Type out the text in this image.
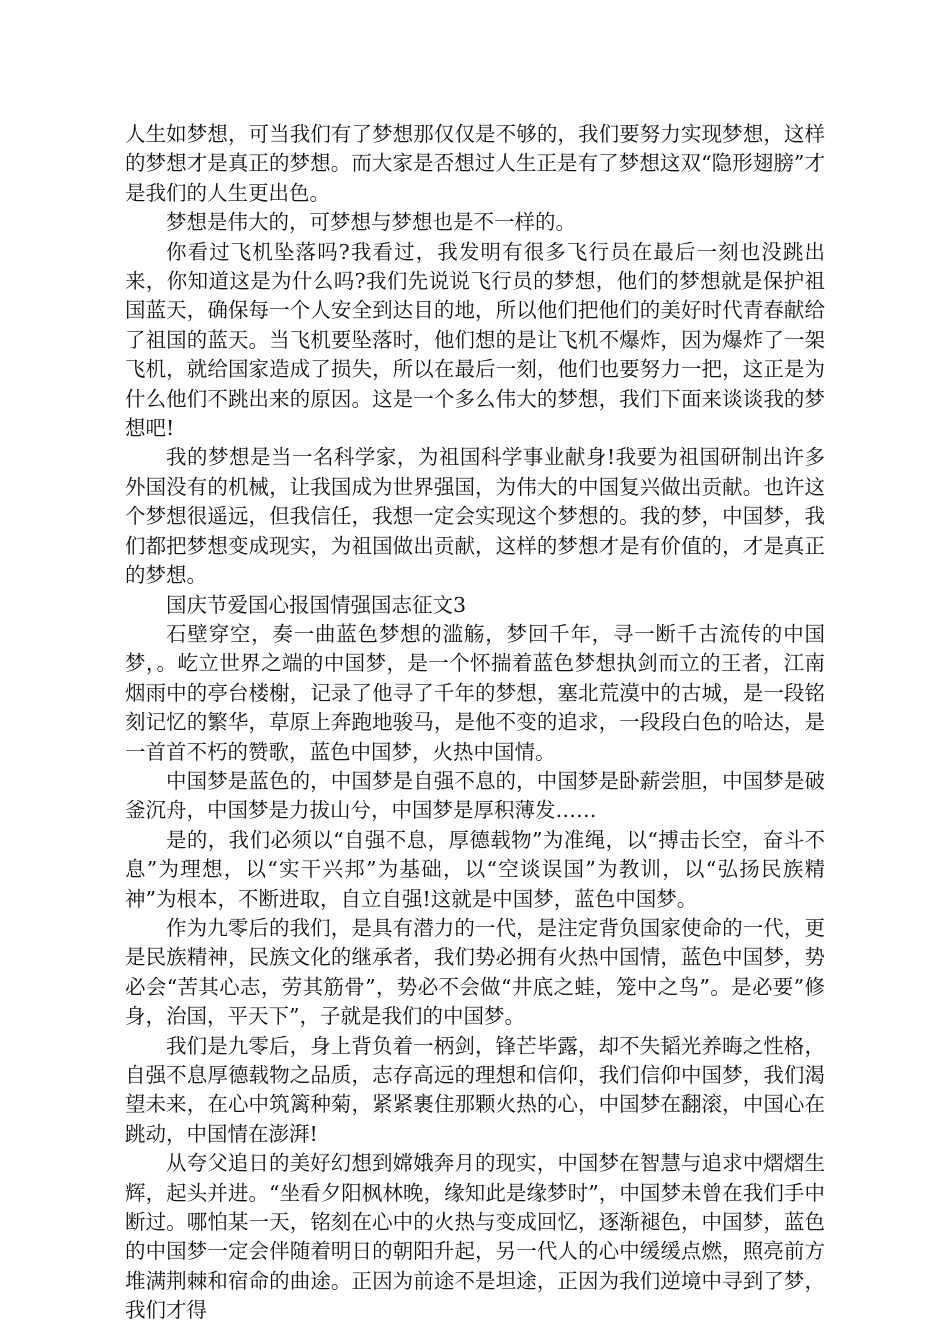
人生如梦想，可当我们有了梦想那仅仅是不够的，我们要努力实现梦想，这样的梦想才是真正的梦想。而大家是否想过人生正是有了梦想这双“隐形翅膀”才是我们的人生更出色。

梦想是伟大的，可梦想与梦想也是不一样的。

你看过飞机坠落吗?我看过，我发明有很多飞行员在最后一刻也没跳出来，你知道这是为什么吗?我们先说说飞行员的梦想，他们的梦想就是保护祖国蓝天，确保每一个人安全到达目的地，所以他们把他们的美好时代青春献给了祖国的蓝天。当飞机要坠落时，他们想的是让飞机不爆炸，因为爆炸了一架飞机，就给国家造成了损失，所以在最后一刻，他们也要努力一把，这正是为什么他们不跳出来的原因。这是一个多么伟大的梦想，我们下面来谈谈我的梦想吧!

我的梦想是当一名科学家，为祖国科学事业献身!我要为祖国研制出许多外国没有的机械，让我国成为世界强国，为伟大的中国复兴做出贡献。也许这个梦想很遥远，但我信任，我想一定会实现这个梦想的。我的梦，中国梦，我们都把梦想变成现实，为祖国做出贡献，这样的梦想才是有价值的，才是真正的梦想。

国庆节爱国心报国情强国志征文3

石壁穿空，奏一曲蓝色梦想的滥觞，梦回千年，寻一断千古流传的中国梦，。屹立世界之端的中国梦，是一个怀揣着蓝色梦想执剑而立的王者，江南烟雨中的亭台楼榭，记录了他寻了千年的梦想，塞北荒漠中的古城，是一段铭刻记忆的繁华，草原上奔跑地骏马，是他不变的追求，一段段白色的哈达，是一首首不朽的赞歌，蓝色中国梦，火热中国情。

中国梦是蓝色的，中国梦是自强不息的，中国梦是卧薪尝胆，中国梦是破釜沉舟，中国梦是力拔山兮，中国梦是厚积薄发……

是的，我们必须以“自强不息，厚德载物”为准绳，以“搏击长空，奋斗不息”为理想，以“实干兴邦”为基础，以“空谈误国”为教训，以“弘扬民族精神”为根本，不断进取，自立自强!这就是中国梦，蓝色中国梦。

作为九零后的我们，是具有潜力的一代，是注定背负国家使命的一代，更是民族精神，民族文化的继承者，我们势必拥有火热中国情，蓝色中国梦，势必会“苦其心志，劳其筋骨”，势必不会做“井底之蛙，笼中之鸟”。是必要”修身，治国，平天下”，子就是我们的中国梦。

我们是九零后，身上背负着一柄剑，锋芒毕露，却不失韬光养晦之性格，自强不息厚德载物之品质，志存高远的理想和信仰，我们信仰中国梦，我们渴望未来，在心中筑篱种菊，紧紧裹住那颗火热的心，中国梦在翻滚，中国心在跳动，中国情在澎湃!

从夸父追日的美好幻想到嫦娥奔月的现实，中国梦在智慧与追求中熠熠生辉，起头并进。“坐看夕阳枫林晚，缘知此是缘梦时”，中国梦未曾在我们手中断过。哪怕某一天，铭刻在心中的火热与变成回忆，逐渐褪色，中国梦，蓝色的中国梦一定会伴随着明日的朝阳升起，另一代人的心中缓缓点燃，照亮前方堆满荆棘和宿命的曲途。正因为前途不是坦途，正因为我们逆境中寻到了梦，我们才得
